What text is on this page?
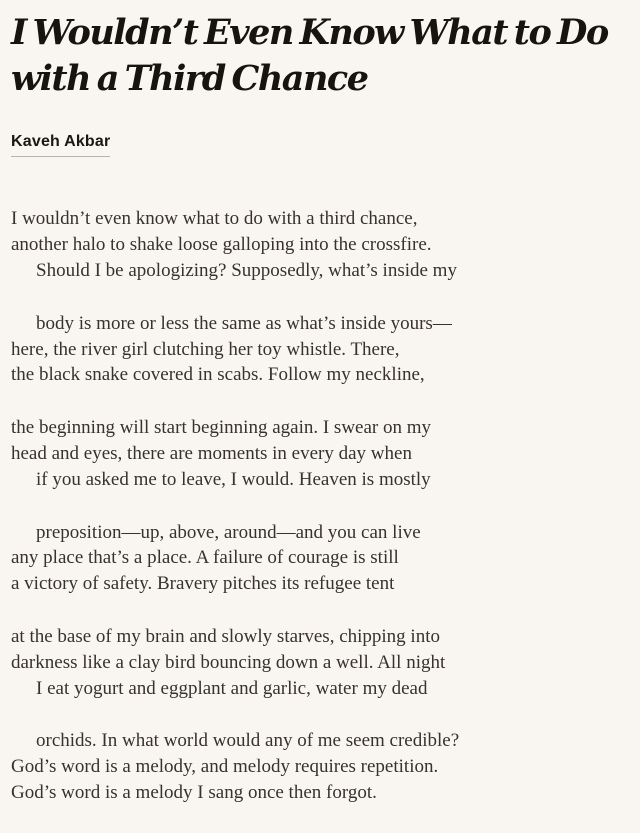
I Wouldn’t Even Know What to Do with a Third Chance
Kaveh Akbar
I wouldn’t even know what to do with a third chance,
another halo to shake loose galloping into the crossfire.
Should I be apologizing? Supposedly, what’s inside my
body is more or less the same as what’s inside yours—
here, the river girl clutching her toy whistle. There,
the black snake covered in scabs. Follow my neckline,
the beginning will start beginning again. I swear on my
head and eyes, there are moments in every day when
if you asked me to leave, I would. Heaven is mostly
preposition—up, above, around—and you can live
any place that’s a place. A failure of courage is still
a victory of safety. Bravery pitches its refugee tent
at the base of my brain and slowly starves, chipping into
darkness like a clay bird bouncing down a well. All night
I eat yogurt and eggplant and garlic, water my dead
orchids. In what world would any of me seem credible?
God’s word is a melody, and melody requires repetition.
God’s word is a melody I sang once then forgot.
